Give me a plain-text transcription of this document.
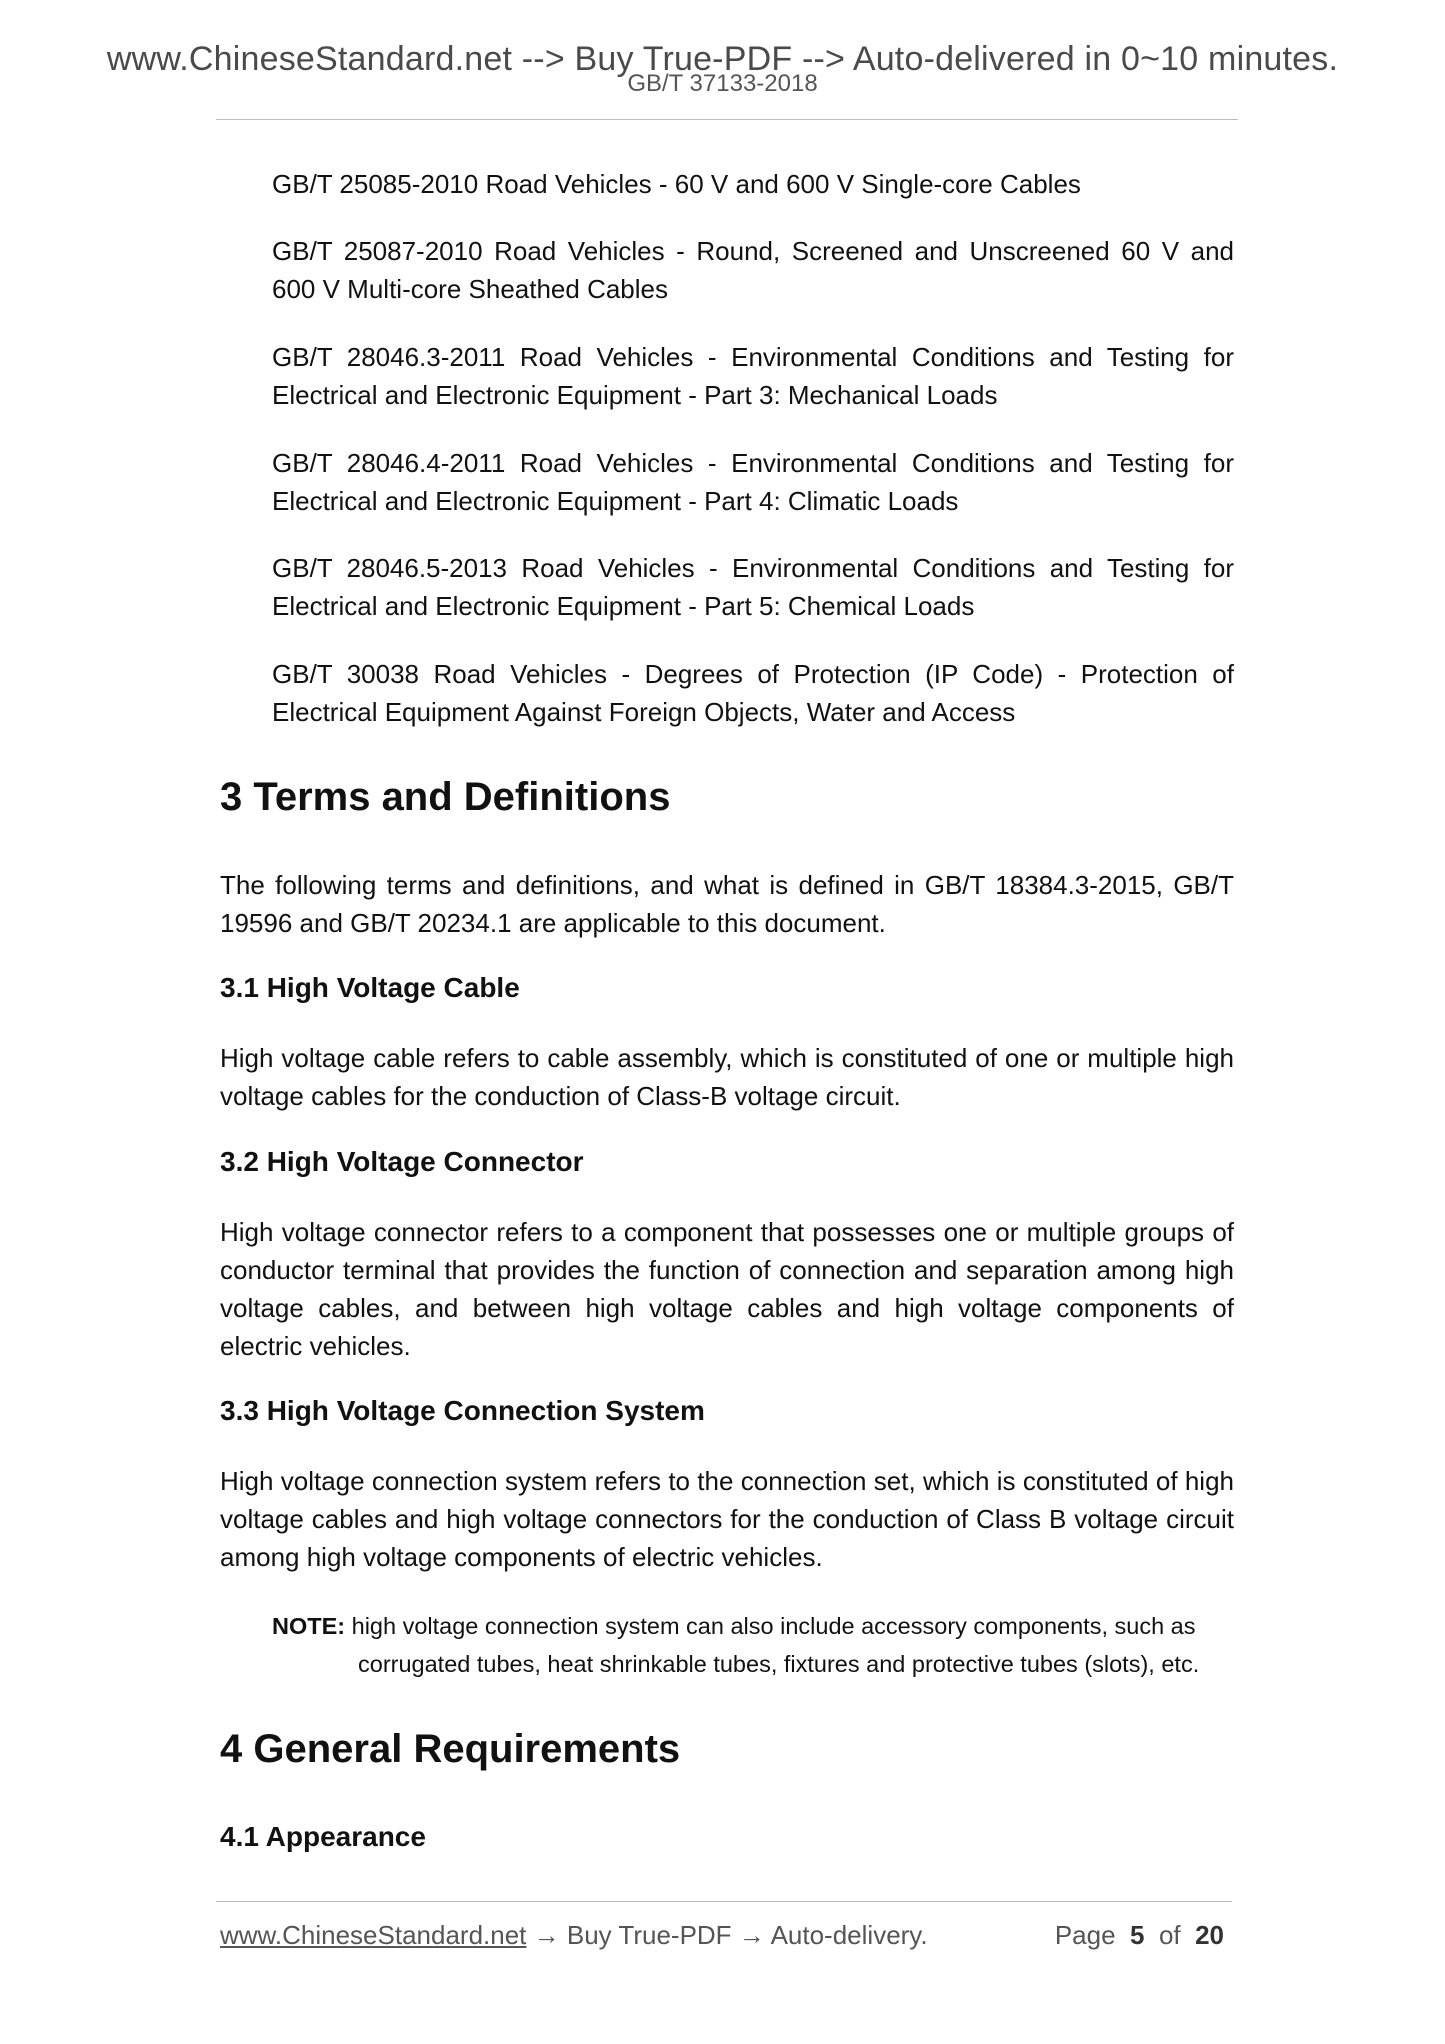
www.ChineseStandard.net --> Buy True-PDF --> Auto-delivered in 0~10 minutes.
GB/T 37133-2018

GB/T 25085-2010 Road Vehicles - 60 V and 600 V Single-core Cables

GB/T 25087-2010 Road Vehicles - Round, Screened and Unscreened 60 V and 600 V Multi-core Sheathed Cables

GB/T 28046.3-2011 Road Vehicles - Environmental Conditions and Testing for Electrical and Electronic Equipment - Part 3: Mechanical Loads

GB/T 28046.4-2011 Road Vehicles - Environmental Conditions and Testing for Electrical and Electronic Equipment - Part 4: Climatic Loads

GB/T 28046.5-2013 Road Vehicles - Environmental Conditions and Testing for Electrical and Electronic Equipment - Part 5: Chemical Loads

GB/T 30038 Road Vehicles - Degrees of Protection (IP Code) - Protection of Electrical Equipment Against Foreign Objects, Water and Access

3 Terms and Definitions

The following terms and definitions, and what is defined in GB/T 18384.3-2015, GB/T 19596 and GB/T 20234.1 are applicable to this document.

3.1 High Voltage Cable

High voltage cable refers to cable assembly, which is constituted of one or multiple high voltage cables for the conduction of Class-B voltage circuit.

3.2 High Voltage Connector

High voltage connector refers to a component that possesses one or multiple groups of conductor terminal that provides the function of connection and separation among high voltage cables, and between high voltage cables and high voltage components of electric vehicles.

3.3 High Voltage Connection System

High voltage connection system refers to the connection set, which is constituted of high voltage cables and high voltage connectors for the conduction of Class B voltage circuit among high voltage components of electric vehicles.

NOTE: high voltage connection system can also include accessory components, such as
corrugated tubes, heat shrinkable tubes, fixtures and protective tubes (slots), etc.

4 General Requirements
4.1 Appearance
www.ChineseStandard.net → Buy True-PDF → Auto-delivery.	Page 5 of 20
